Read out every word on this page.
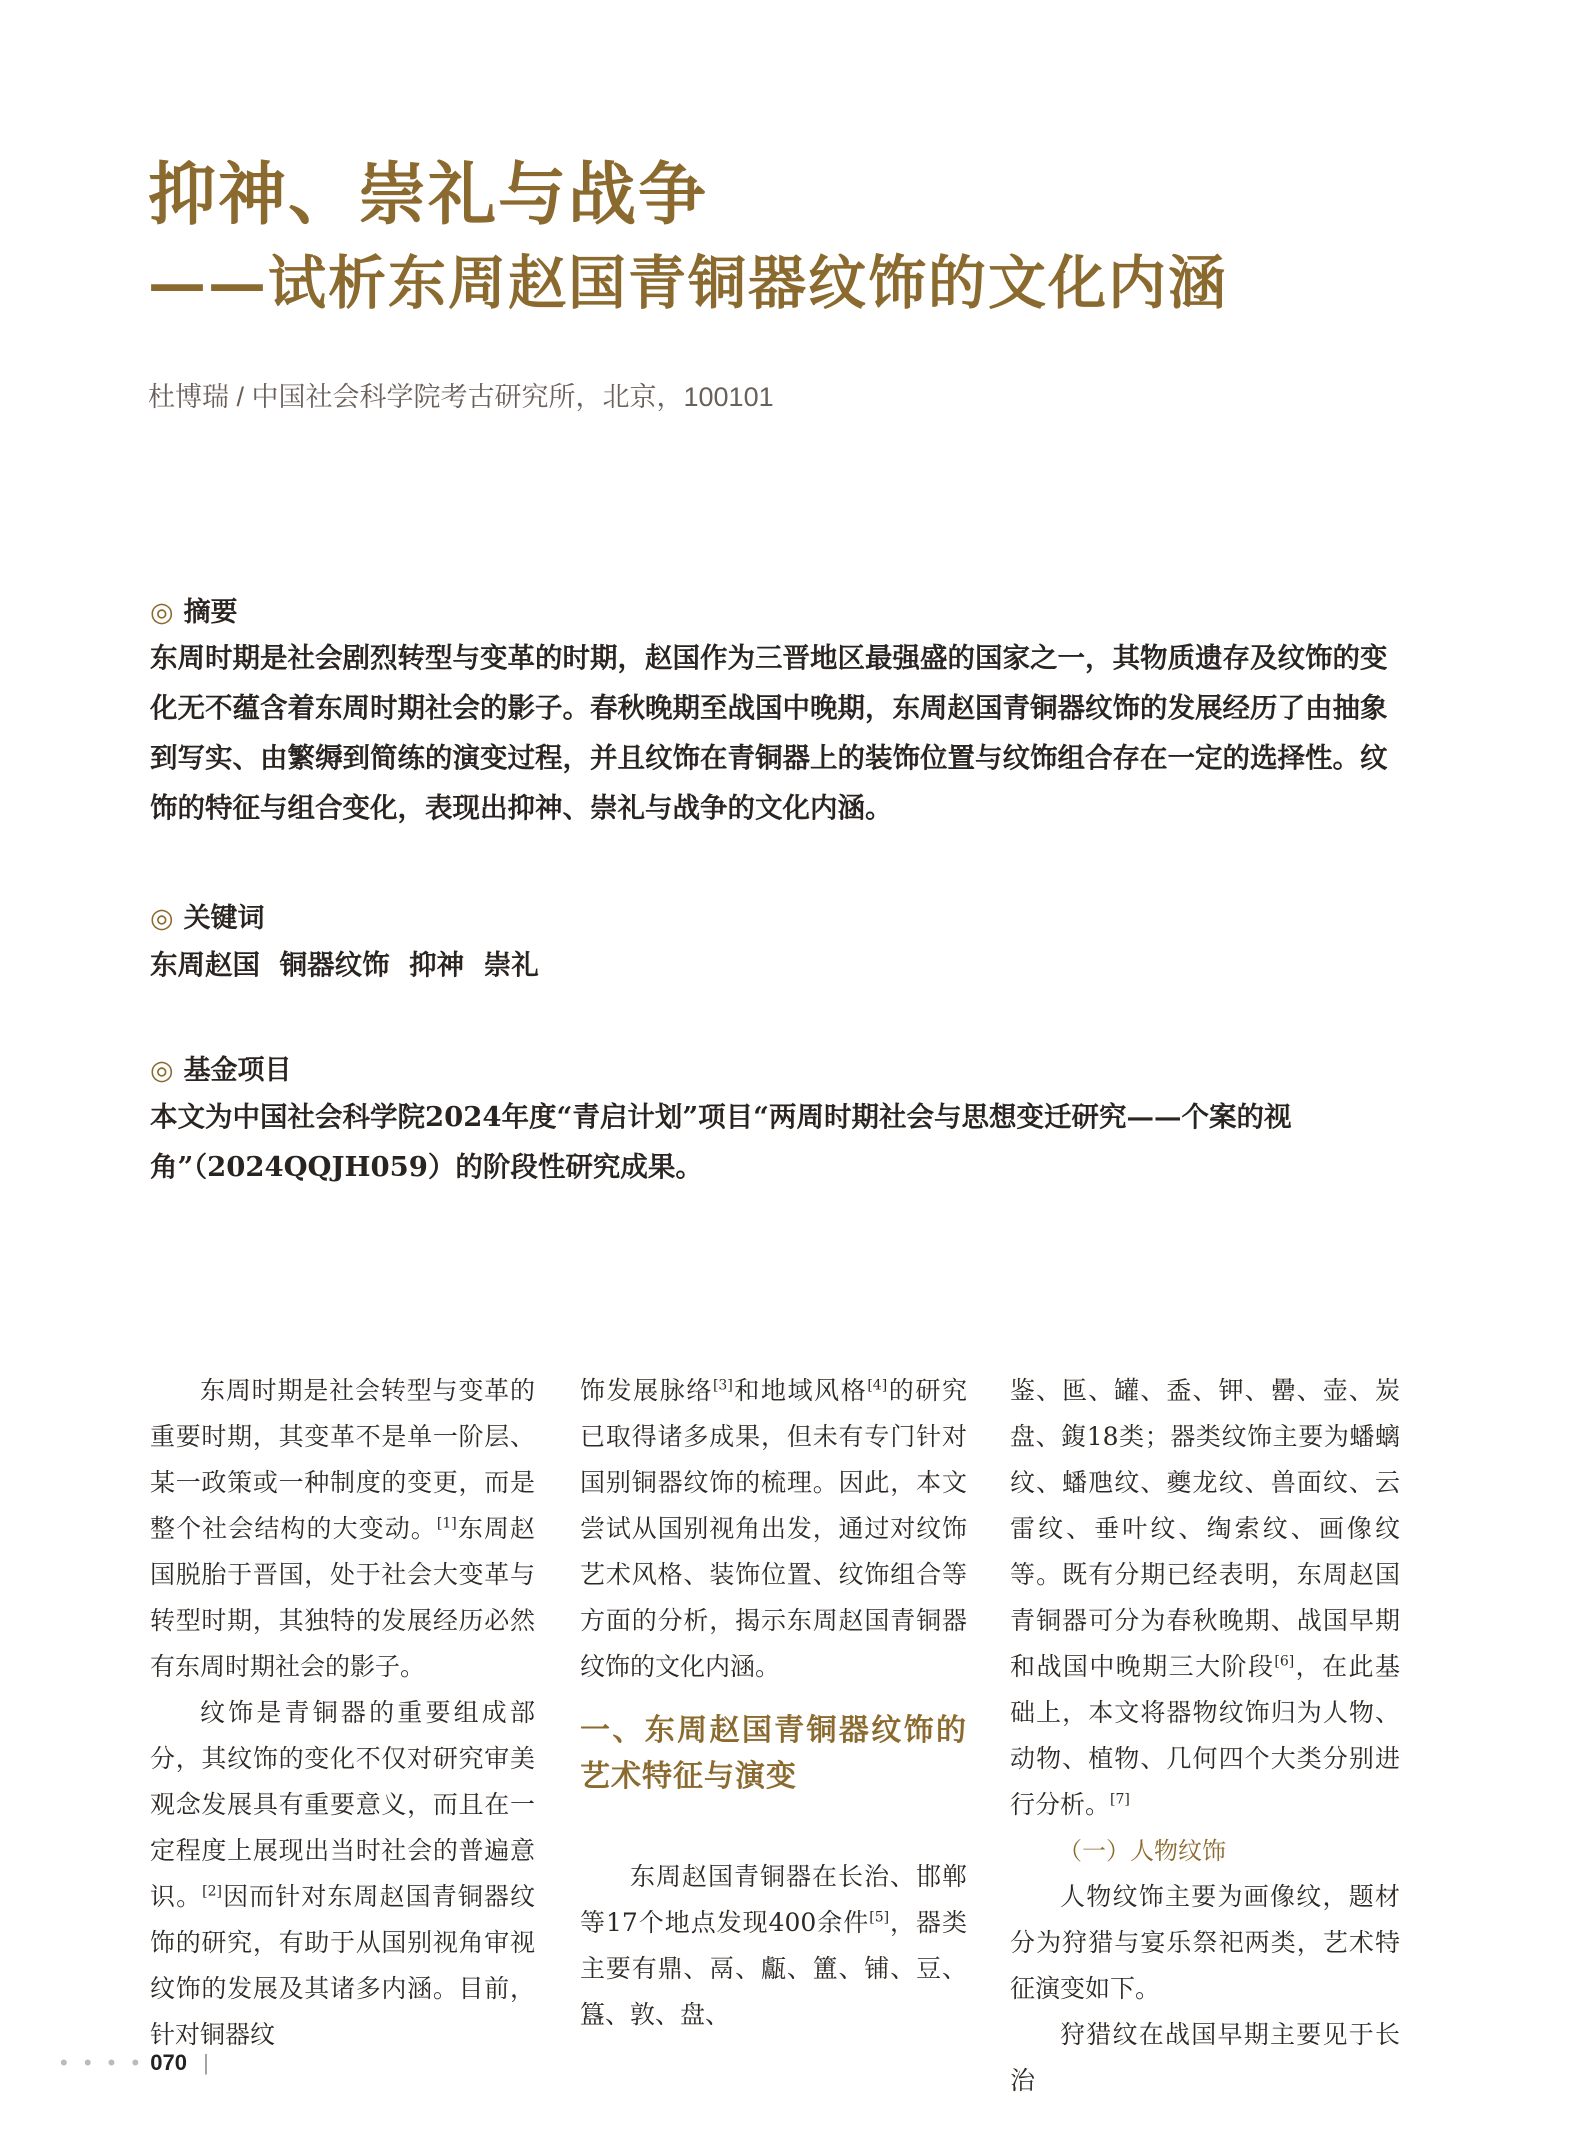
抑神、崇礼与战争
——试析东周赵国青铜器纹饰的文化内涵
杜博瑞 / 中国社会科学院考古研究所，北京，100101
◎ 摘要
东周时期是社会剧烈转型与变革的时期，赵国作为三晋地区最强盛的国家之一，其物质遗存及纹饰的变化无不蕴含着东周时期社会的影子。春秋晚期至战国中晚期，东周赵国青铜器纹饰的发展经历了由抽象到写实、由繁缛到简练的演变过程，并且纹饰在青铜器上的装饰位置与纹饰组合存在一定的选择性。纹饰的特征与组合变化，表现出抑神、崇礼与战争的文化内涵。
◎ 关键词
东周赵国 铜器纹饰 抑神 崇礼
◎ 基金项目
本文为中国社会科学院2024年度“青启计划”项目“两周时期社会与思想变迁研究——个案的视角”（2024QQJH059）的阶段性研究成果。

东周时期是社会转型与变革的重要时期，其变革不是单一阶层、某一政策或一种制度的变更，而是整个社会结构的大变动。[1]东周赵国脱胎于晋国，处于社会大变革与转型时期，其独特的发展经历必然有东周时期社会的影子。

纹饰是青铜器的重要组成部分，其纹饰的变化不仅对研究审美观念发展具有重要意义，而且在一定程度上展现出当时社会的普遍意识。[2]因而针对东周赵国青铜器纹饰的研究，有助于从国别视角审视纹饰的发展及其诸多内涵。目前，针对铜器纹

饰发展脉络[3]和地域风格[4]的研究已取得诸多成果，但未有专门针对国别铜器纹饰的梳理。因此，本文尝试从国别视角出发，通过对纹饰艺术风格、装饰位置、纹饰组合等方面的分析，揭示东周赵国青铜器纹饰的文化内涵。

一、东周赵国青铜器纹饰的艺术特征与演变

东周赵国青铜器在长治、邯郸等17个地点发现400余件[5]，器类主要有鼎、鬲、甗、簠、铺、豆、簋、敦、盘、

鉴、匜、罐、盉、钾、罍、壶、炭盘、鍑18类；器类纹饰主要为蟠螭纹、蟠虺纹、夔龙纹、兽面纹、云雷纹、垂叶纹、绹索纹、画像纹等。既有分期已经表明，东周赵国青铜器可分为春秋晚期、战国早期和战国中晚期三大阶段[6]，在此基础上，本文将器物纹饰归为人物、动物、植物、几何四个大类分别进行分析。[7]

（一）人物纹饰

人物纹饰主要为画像纹，题材分为狩猎与宴乐祭祀两类，艺术特征演变如下。

狩猎纹在战国早期主要见于长治

• • • • 070 |
